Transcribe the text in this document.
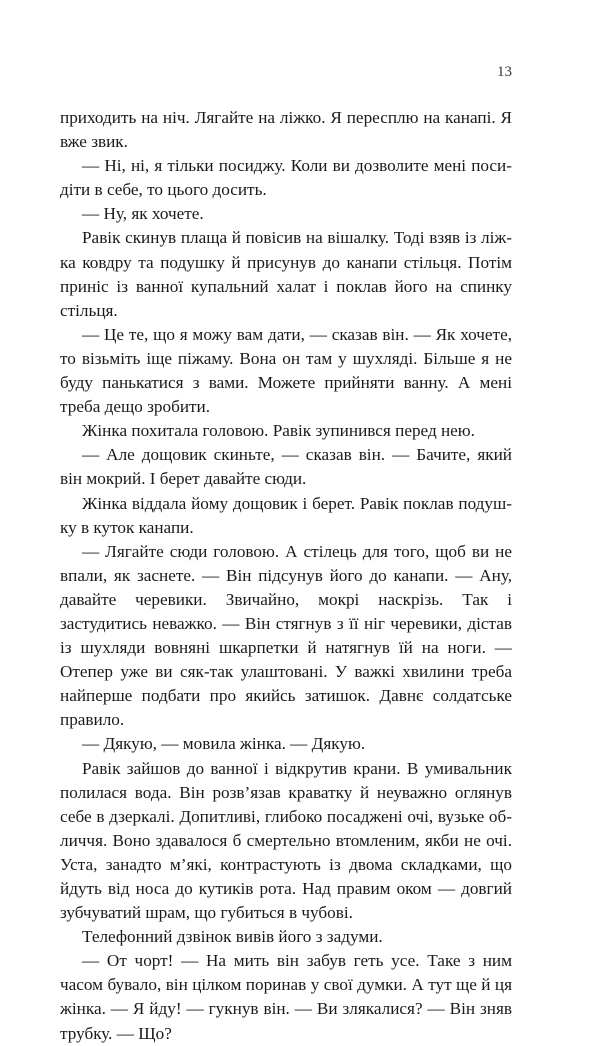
13

приходить на ніч. Лягайте на ліжко. Я пересплю на канапі. Я вже звик.

— Ні, ні, я тільки посиджу. Коли ви дозволите мені посидіти в себе, то цього досить.

— Ну, як хочете.

Равік скинув плаща й повісив на вішалку. Тоді взяв із ліжка ковдру та подушку й присунув до канапи стільця. Потім приніс із ванної купальний халат і поклав його на спинку стільця.

— Це те, що я можу вам дати, — сказав він. — Як хочете, то візьміть іще піжаму. Вона он там у шухляді. Більше я не буду панькатися з вами. Можете прийняти ванну. А мені треба дещо зробити.

Жінка похитала головою. Равік зупинився перед нею.

— Але дощовик скиньте, — сказав він. — Бачите, який він мокрий. І берет давайте сюди.

Жінка віддала йому дощовик і берет. Равік поклав подушку в куток канапи.

— Лягайте сюди головою. А стілець для того, щоб ви не впали, як заснете. — Він підсунув його до канапи. — Ану, давайте черевики. Звичайно, мокрі наскрізь. Так і застудитись неважко. — Він стягнув з її ніг черевики, дістав із шухляди вовняні шкарпетки й натягнув їй на ноги. — Отепер уже ви сяк-так улаштовані. У важкі хвилини треба найперше подбати про якийсь затишок. Давнє солдатське правило.

— Дякую, — мовила жінка. — Дякую.

Равік зайшов до ванної і відкрутив крани. В умивальник полилася вода. Він розв’язав краватку й неуважно оглянув себе в дзеркалі. Допитливі, глибоко посаджені очі, вузьке обличчя. Воно здавалося б смертельно втомленим, якби не очі. Уста, занадто м’які, контрастують із двома складками, що йдуть від носа до кутиків рота. Над правим оком — довгий зубчуватий шрам, що губиться в чубові.

Телефонний дзвінок вивів його з задуми.

— От чорт! — На мить він забув геть усе. Таке з ним часом бувало, він цілком поринав у свої думки. А тут ще й ця жінка. — Я йду! — гукнув він. — Ви злякалися? — Він зняв трубку. — Що?
